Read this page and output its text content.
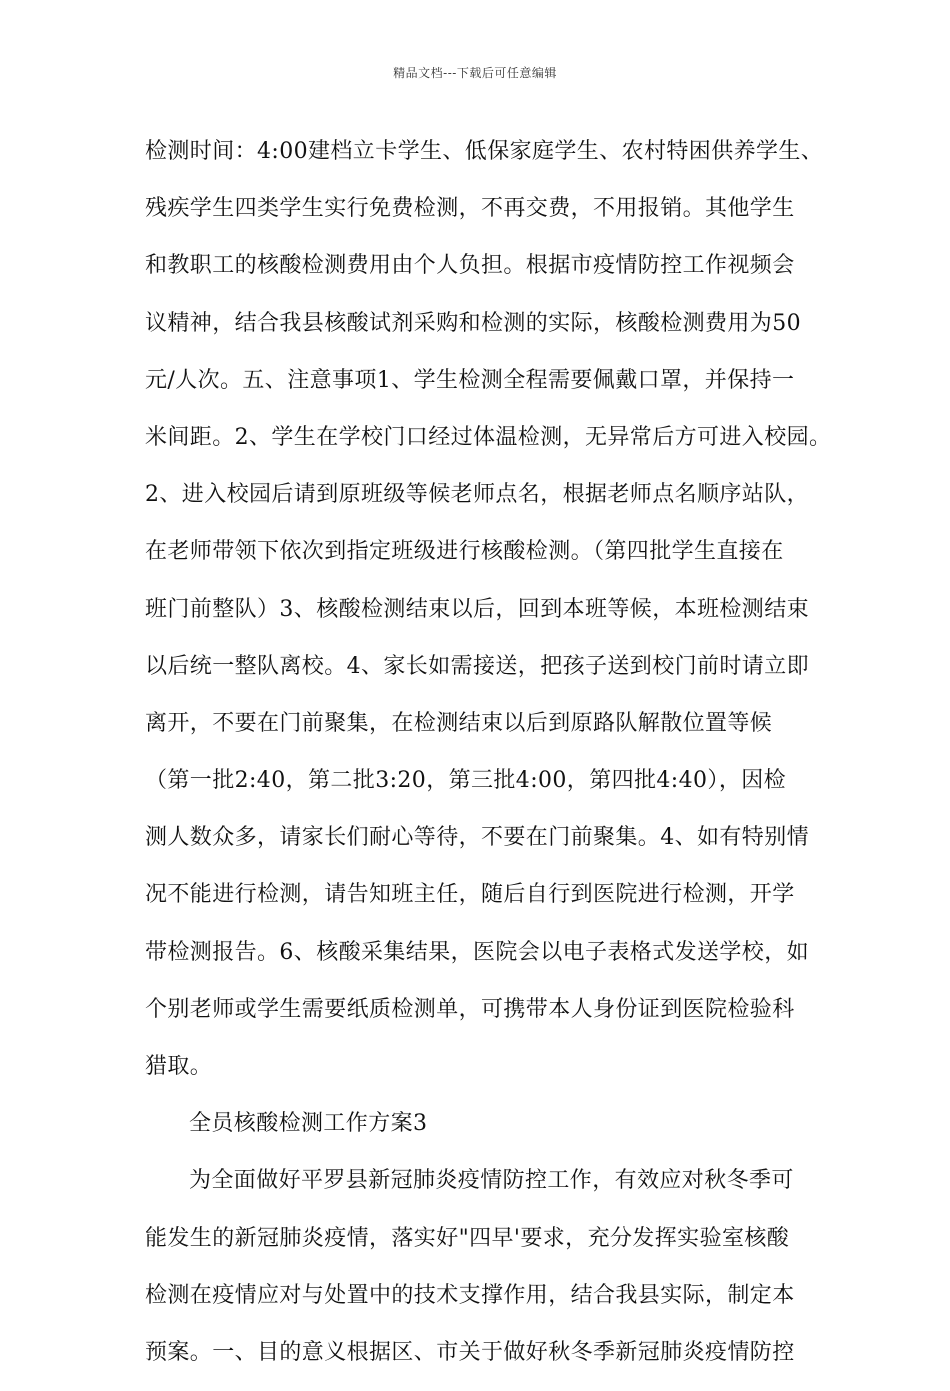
精品文档---下载后可任意编辑
检测时间：4:00建档立卡学生、低保家庭学生、农村特困供养学生、
残疾学生四类学生实行免费检测，不再交费，不用报销。其他学生
和教职工的核酸检测费用由个人负担。根据市疫情防控工作视频会
议精神，结合我县核酸试剂采购和检测的实际，核酸检测费用为50
元/人次。五、注意事项1、学生检测全程需要佩戴口罩，并保持一
米间距。2、学生在学校门口经过体温检测，无异常后方可进入校园。
2、进入校园后请到原班级等候老师点名，根据老师点名顺序站队，
在老师带领下依次到指定班级进行核酸检测。（第四批学生直接在
班门前整队）3、核酸检测结束以后，回到本班等候，本班检测结束
以后统一整队离校。4、家长如需接送，把孩子送到校门前时请立即
离开，不要在门前聚集，在检测结束以后到原路队解散位置等候
（第一批2:40，第二批3:20，第三批4:00，第四批4:40），因检
测人数众多，请家长们耐心等待，不要在门前聚集。4、如有特别情
况不能进行检测，请告知班主任，随后自行到医院进行检测，开学
带检测报告。6、核酸采集结果，医院会以电子表格式发送学校，如
个别老师或学生需要纸质检测单，可携带本人身份证到医院检验科
猎取。
全员核酸检测工作方案3
为全面做好平罗县新冠肺炎疫情防控工作，有效应对秋冬季可
能发生的新冠肺炎疫情，落实好"四早'要求，充分发挥实验室核酸
检测在疫情应对与处置中的技术支撑作用，结合我县实际，制定本
预案。一、目的意义根据区、市关于做好秋冬季新冠肺炎疫情防控
